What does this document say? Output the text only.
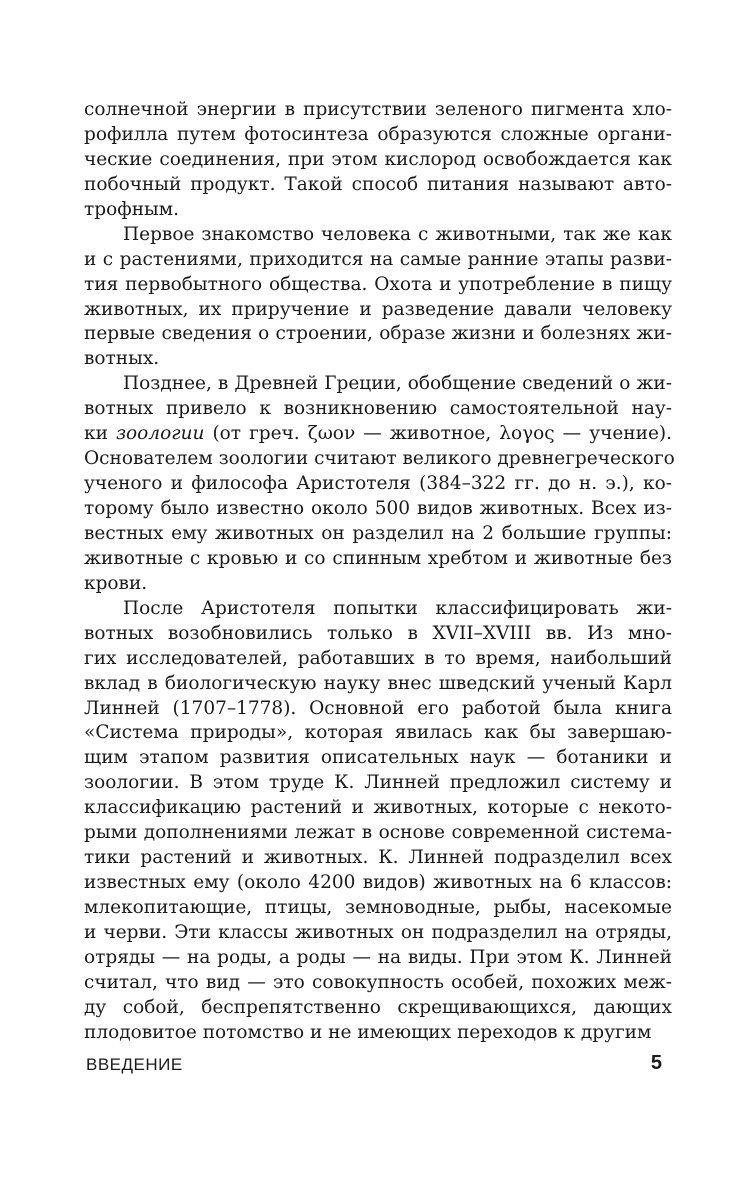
солнечной энергии в присутствии зеленого пигмента хло-
рофилла путем фотосинтеза образуются сложные органи-
ческие соединения, при этом кислород освобождается как
побочный продукт. Такой способ питания называют авто-
трофным.
Первое знакомство человека с животными, так же как
и с растениями, приходится на самые ранние этапы разви-
тия первобытного общества. Охота и употребление в пищу
животных, их приручение и разведение давали человеку
первые сведения о строении, образе жизни и болезнях жи-
вотных.
Позднее, в Древней Греции, обобщение сведений о жи-
вотных привело к возникновению самостоятельной нау-
ки зоологии (от греч. ζωον — животное, λογος — учение).
Основателем зоологии считают великого древнегреческого
ученого и философа Аристотеля (384–322 гг. до н. э.), ко-
торому было известно около 500 видов животных. Всех из-
вестных ему животных он разделил на 2 большие группы:
животные с кровью и со спинным хребтом и животные без
крови.
После Аристотеля попытки классифицировать жи-
вотных возобновились только в XVII–XVIII вв. Из мно-
гих исследователей, работавших в то время, наибольший
вклад в биологическую науку внес шведский ученый Карл
Линней (1707–1778). Основной его работой была книга
«Система природы», которая явилась как бы завершаю-
щим этапом развития описательных наук — ботаники и
зоологии. В этом труде К. Линней предложил систему и
классификацию растений и животных, которые с некото-
рыми дополнениями лежат в основе современной система-
тики растений и животных. К. Линней подразделил всех
известных ему (около 4200 видов) животных на 6 классов:
млекопитающие, птицы, земноводные, рыбы, насекомые
и черви. Эти классы животных он подразделил на отряды,
отряды — на роды, а роды — на виды. При этом К. Линней
считал, что вид — это совокупность особей, похожих меж-
ду собой, беспрепятственно скрещивающихся, дающих
плодовитое потомство и не имеющих переходов к другим
ВВЕДЕНИЕ	5
